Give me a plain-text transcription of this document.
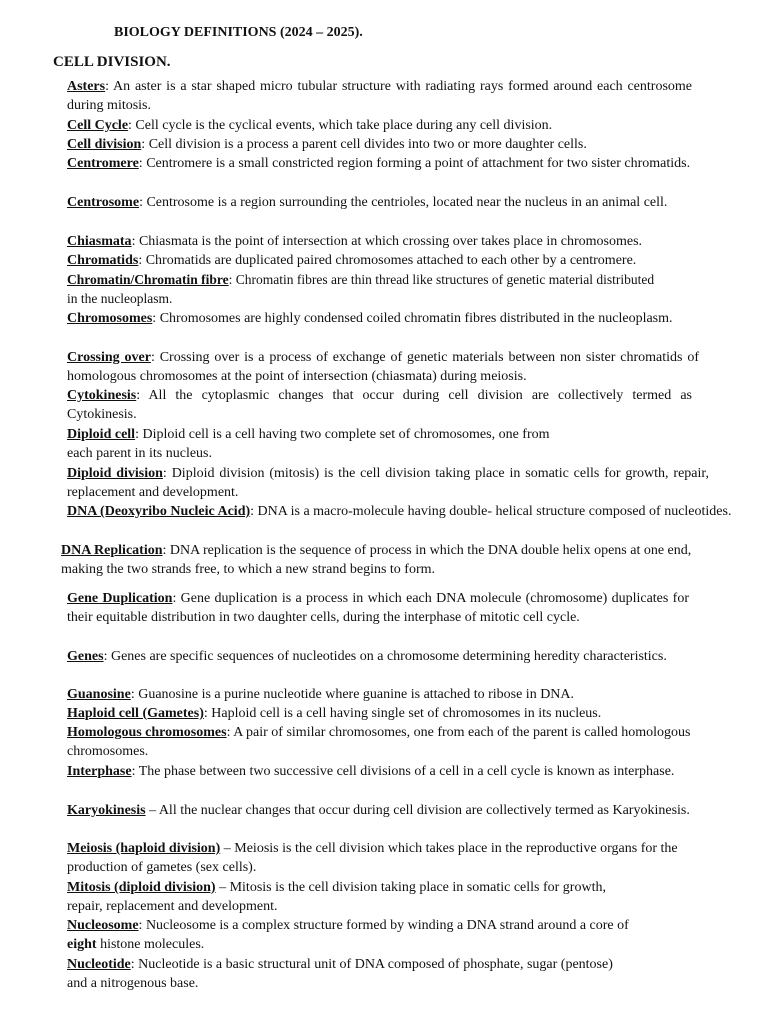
BIOLOGY DEFINITIONS (2024 – 2025).
CELL DIVISION.
Asters: An aster is a star shaped micro tubular structure with radiating rays formed around each centrosome during mitosis.
Cell Cycle: Cell cycle is the cyclical events, which take place during any cell division.
Cell division: Cell division is a process a parent cell divides into two or more daughter cells.
Centromere: Centromere is a small constricted region forming a point of attachment for two sister chromatids.
Centrosome: Centrosome is a region surrounding the centrioles, located near the nucleus in an animal cell.
Chiasmata: Chiasmata is the point of intersection at which crossing over takes place in chromosomes.
Chromatids: Chromatids are duplicated paired chromosomes attached to each other by a centromere.
Chromatin/Chromatin fibre: Chromatin fibres are thin thread like structures of genetic material distributed in the nucleoplasm.
Chromosomes: Chromosomes are highly condensed coiled chromatin fibres distributed in the nucleoplasm.
Crossing over: Crossing over is a process of exchange of genetic materials between non sister chromatids of homologous chromosomes at the point of intersection (chiasmata) during meiosis.
Cytokinesis: All the cytoplasmic changes that occur during cell division are collectively termed as Cytokinesis.
Diploid cell: Diploid cell is a cell having two complete set of chromosomes, one from
each parent in its nucleus.
Diploid division: Diploid division (mitosis) is the cell division taking place in somatic cells for growth, repair, replacement and development.
DNA (Deoxyribo Nucleic Acid): DNA is a macro-molecule having double- helical structure composed of nucleotides.
DNA Replication: DNA replication is the sequence of process in which the DNA double helix opens at one end, making the two strands free, to which a new strand begins to form.
Gene Duplication: Gene duplication is a process in which each DNA molecule (chromosome) duplicates for their equitable distribution in two daughter cells, during the interphase of mitotic cell cycle.
Genes: Genes are specific sequences of nucleotides on a chromosome determining heredity characteristics.
Guanosine: Guanosine is a purine nucleotide where guanine is attached to ribose in DNA.
Haploid cell (Gametes): Haploid cell is a cell having single set of chromosomes in its nucleus.
Homologous chromosomes: A pair of similar chromosomes, one from each of the parent is called homologous chromosomes.
Interphase: The phase between two successive cell divisions of a cell in a cell cycle is known as interphase.
Karyokinesis – All the nuclear changes that occur during cell division are collectively termed as Karyokinesis.
Meiosis (haploid division) – Meiosis is the cell division which takes place in the reproductive organs for the production of gametes (sex cells).
Mitosis (diploid division) – Mitosis is the cell division taking place in somatic cells for growth,
repair, replacement and development.
Nucleosome: Nucleosome is a complex structure formed by winding a DNA strand around a core of
eight histone molecules.
Nucleotide: Nucleotide is a basic structural unit of DNA composed of phosphate, sugar (pentose)
and a nitrogenous base.
